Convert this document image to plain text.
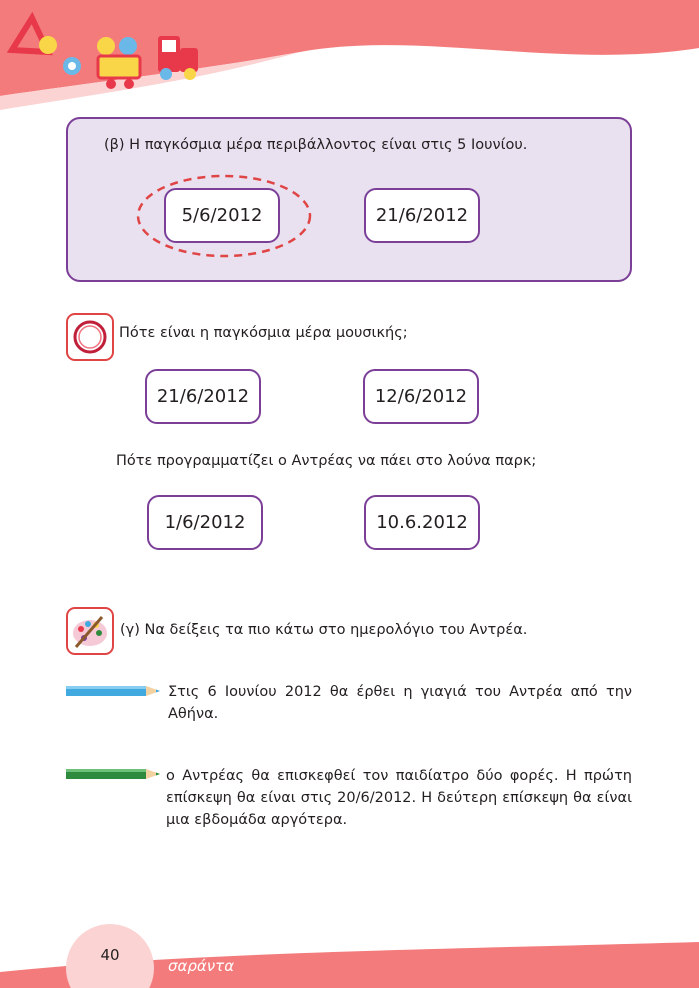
(β) Η παγκόσμια μέρα περιβάλλοντος είναι στις 5 Ιουνίου.
5/6/2012	21/6/2012
Πότε είναι η παγκόσμια μέρα μουσικής;
21/6/2012	12/6/2012
Πότε προγραμματίζει ο Αντρέας να πάει στο λούνα παρκ;
1/6/2012	10.6.2012
(γ) Να δείξεις τα πιο κάτω στο ημερολόγιο του Αντρέα.
Στις 6 Ιουνίου 2012 θα έρθει η γιαγιά του Αντρέα από την Αθήνα.
ο Αντρέας θα επισκεφθεί τον παιδίατρο δύο φορές. Η πρώτη επίσκεψη θα είναι στις 20/6/2012. Η δεύτερη επίσκεψη θα είναι μια εβδομάδα αργότερα.
40
σαράντα
